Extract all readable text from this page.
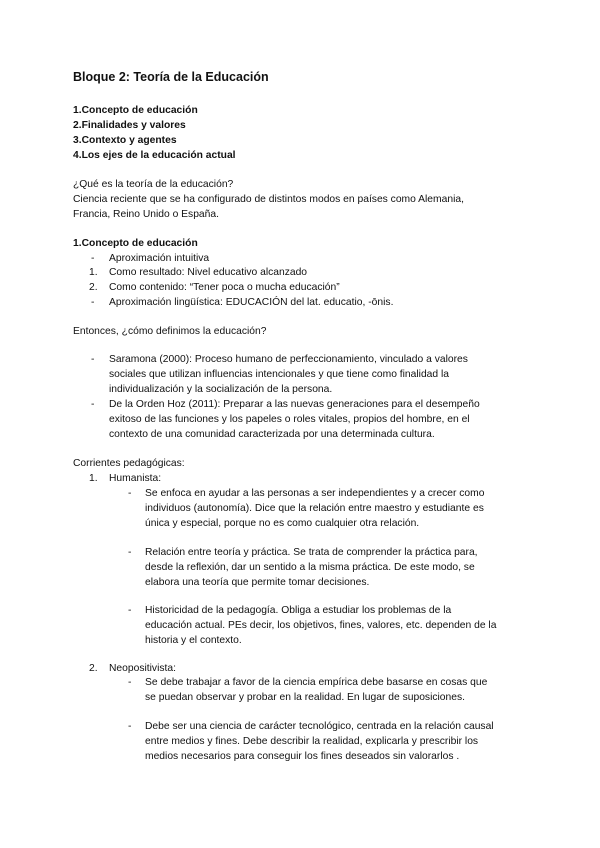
Bloque 2: Teoría de la Educación
1.Concepto de educación
2.Finalidades y valores
3.Contexto y agentes
4.Los ejes de la educación actual
¿Qué es la teoría de la educación?
Ciencia reciente que se ha configurado de distintos modos en países como Alemania,
Francia, Reino Unido o España.
1.Concepto de educación
- Aproximación intuitiva
1. Como resultado: Nivel educativo alcanzado
2. Como contenido: “Tener poca o mucha educación”
- Aproximación lingüística: EDUCACIÓN del lat. educatio, -ōnis.
Entonces, ¿cómo definimos la educación?
- Saramona (2000): Proceso humano de perfeccionamiento, vinculado a valores
sociales que utilizan influencias intencionales y que tiene como finalidad la
individualización y la socialización de la persona.
- De la Orden Hoz (2011): Preparar a las nuevas generaciones para el desempeño
exitoso de las funciones y los papeles o roles vitales, propios del hombre, en el
contexto de una comunidad caracterizada por una determinada cultura.
Corrientes pedagógicas:
1. Humanista:
- Se enfoca en ayudar a las personas a ser independientes y a crecer como
individuos (autonomía). Dice que la relación entre maestro y estudiante es
única y especial, porque no es como cualquier otra relación.
- Relación entre teoría y práctica. Se trata de comprender la práctica para,
desde la reflexión, dar un sentido a la misma práctica. De este modo, se
elabora una teoría que permite tomar decisiones.
- Historicidad de la pedagogía. Obliga a estudiar los problemas de la
educación actual. PEs decir, los objetivos, fines, valores, etc. dependen de la
historia y el contexto.
2. Neopositivista:
- Se debe trabajar a favor de la ciencia empírica debe basarse en cosas que
se puedan observar y probar en la realidad. En lugar de suposiciones.
- Debe ser una ciencia de carácter tecnológico, centrada en la relación causal
entre medios y fines. Debe describir la realidad, explicarla y prescribir los
medios necesarios para conseguir los fines deseados sin valorarlos .
